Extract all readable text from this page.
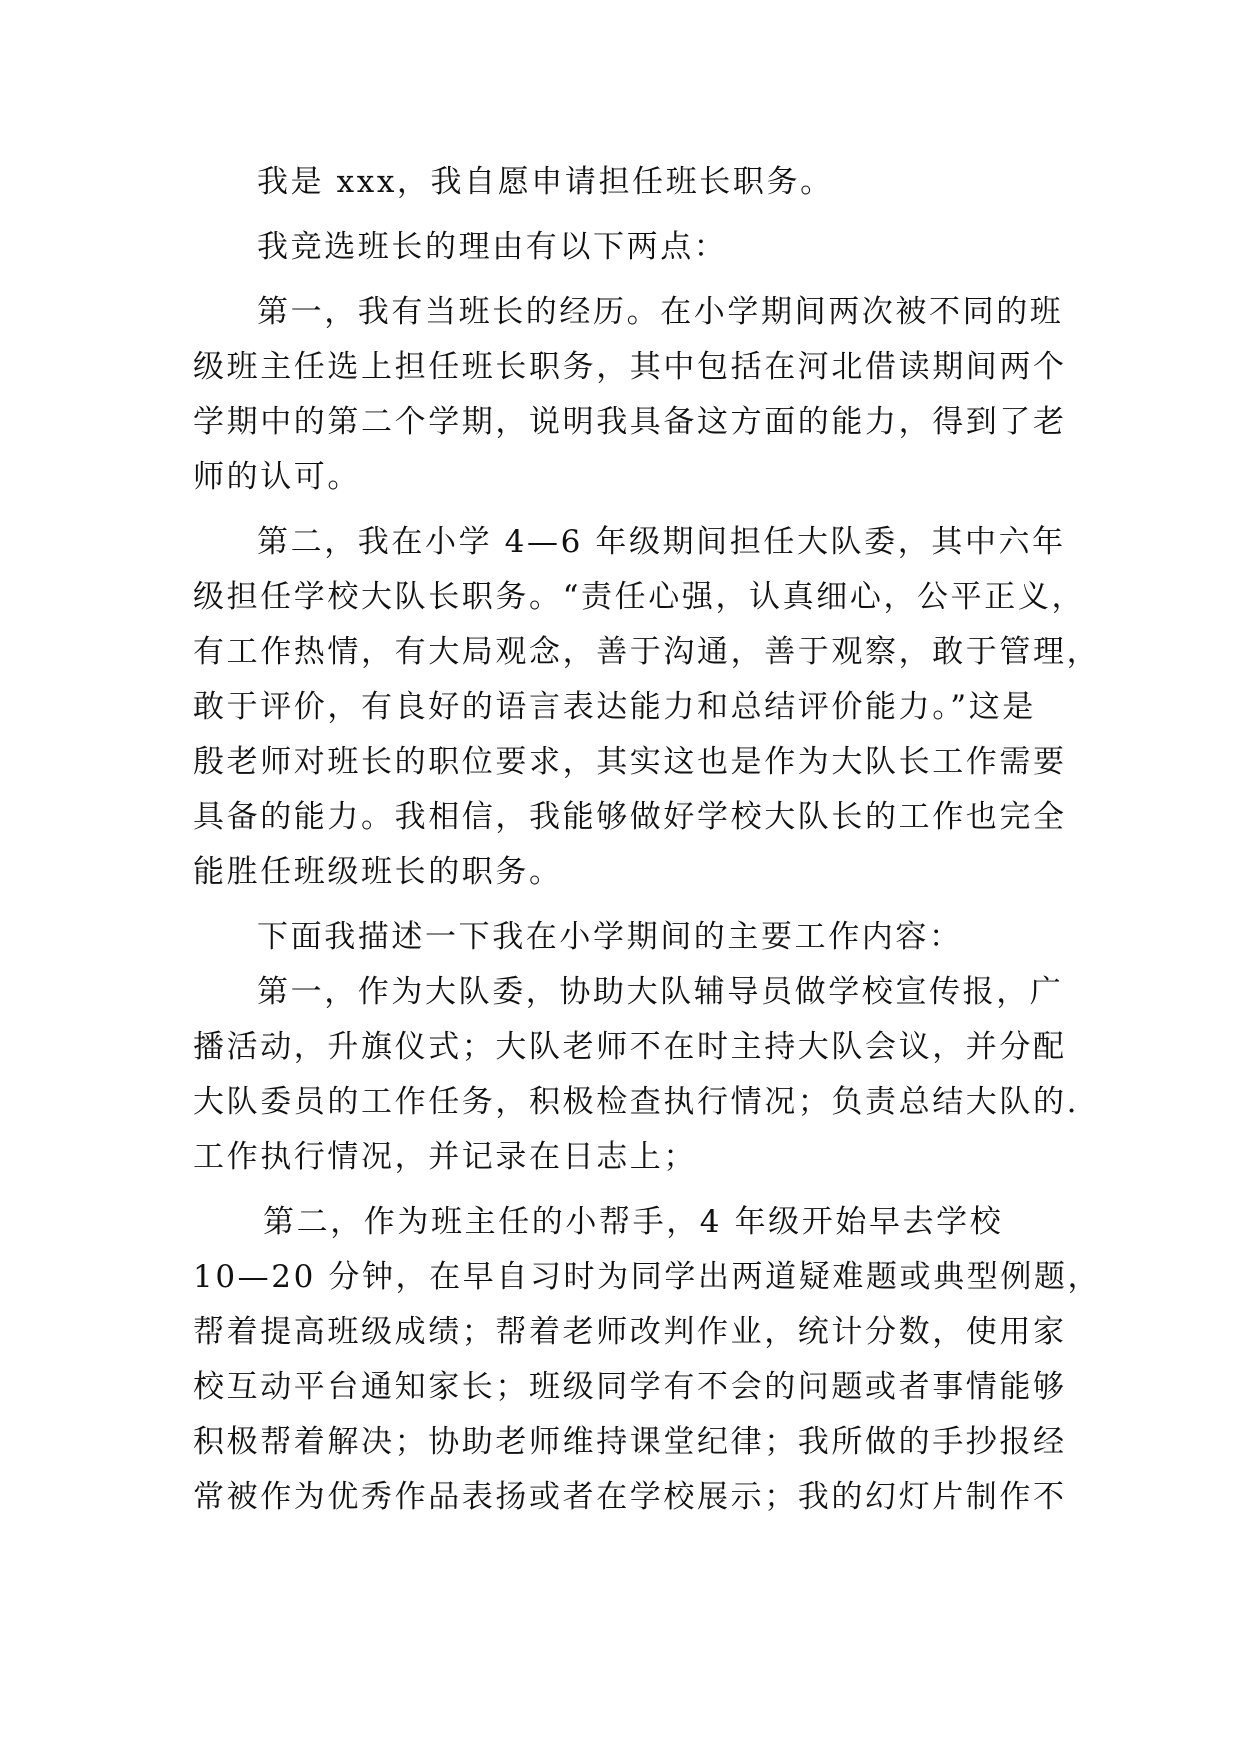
我是 xxx，我自愿申请担任班长职务。
我竞选班长的理由有以下两点：
第一，我有当班长的经历。在小学期间两次被不同的班
级班主任选上担任班长职务，其中包括在河北借读期间两个
学期中的第二个学期，说明我具备这方面的能力，得到了老
师的认可。
第二，我在小学 4—6 年级期间担任大队委，其中六年
级担任学校大队长职务。“责任心强，认真细心，公平正义，
有工作热情，有大局观念，善于沟通，善于观察，敢于管理，
敢于评价，有良好的语言表达能力和总结评价能力。”这是
殷老师对班长的职位要求，其实这也是作为大队长工作需要
具备的能力。我相信，我能够做好学校大队长的工作也完全
能胜任班级班长的职务。
下面我描述一下我在小学期间的主要工作内容：
第一，作为大队委，协助大队辅导员做学校宣传报，广
播活动，升旗仪式；大队老师不在时主持大队会议，并分配
大队委员的工作任务，积极检查执行情况；负责总结大队的.
工作执行情况，并记录在日志上；
第二，作为班主任的小帮手，4 年级开始早去学校
10—20 分钟，在早自习时为同学出两道疑难题或典型例题，
帮着提高班级成绩；帮着老师改判作业，统计分数，使用家
校互动平台通知家长；班级同学有不会的问题或者事情能够
积极帮着解决；协助老师维持课堂纪律；我所做的手抄报经
常被作为优秀作品表扬或者在学校展示；我的幻灯片制作不
